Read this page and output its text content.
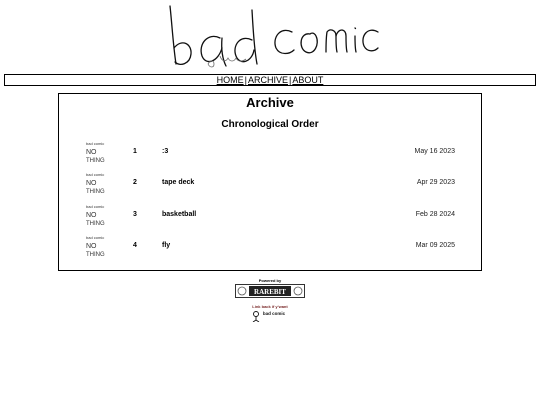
HOME|ARCHIVE|ABOUT
Archive
Chronological Order
bad comic
NO
THING
1	:3	May 16 2023
bad comic
NO
THING
2	tape deck	Apr 29 2023
bad comic
NO
THING
3	basketball	Feb 28 2024
bad comic
NO
THING
4	fly	Mar 09 2025
Powered by
RAREBIT
Link back if y'want
bad comic
